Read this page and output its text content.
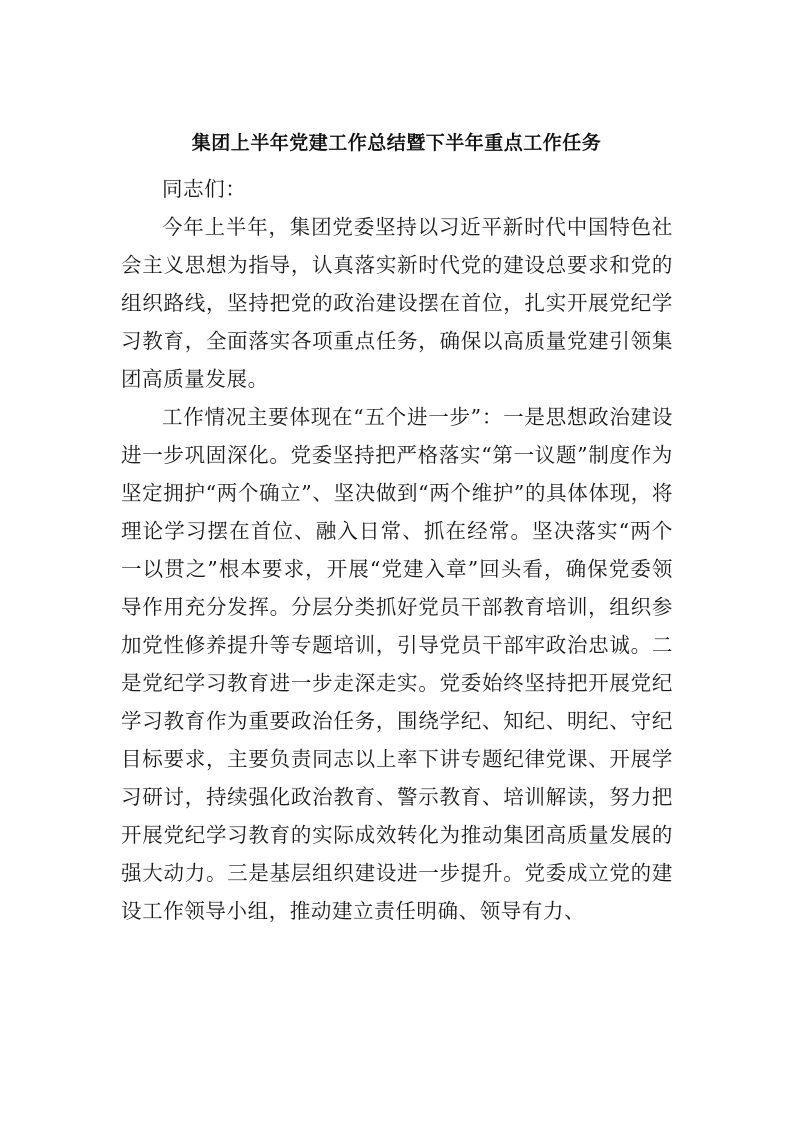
集团上半年党建工作总结暨下半年重点工作任务

同志们：

今年上半年，集团党委坚持以习近平新时代中国特色社会主义思想为指导，认真落实新时代党的建设总要求和党的组织路线，坚持把党的政治建设摆在首位，扎实开展党纪学习教育，全面落实各项重点任务，确保以高质量党建引领集团高质量发展。

工作情况主要体现在“五个进一步”：一是思想政治建设进一步巩固深化。党委坚持把严格落实“第一议题”制度作为坚定拥护“两个确立”、坚决做到“两个维护”的具体体现，将理论学习摆在首位、融入日常、抓在经常。坚决落实“两个一以贯之”根本要求，开展“党建入章”回头看，确保党委领导作用充分发挥。分层分类抓好党员干部教育培训，组织参加党性修养提升等专题培训，引导党员干部牢政治忠诚。二是党纪学习教育进一步走深走实。党委始终坚持把开展党纪学习教育作为重要政治任务，围绕学纪、知纪、明纪、守纪目标要求，主要负责同志以上率下讲专题纪律党课、开展学习研讨，持续强化政治教育、警示教育、培训解读，努力把开展党纪学习教育的实际成效转化为推动集团高质量发展的强大动力。三是基层组织建设进一步提升。党委成立党的建设工作领导小组，推动建立责任明确、领导有力、
